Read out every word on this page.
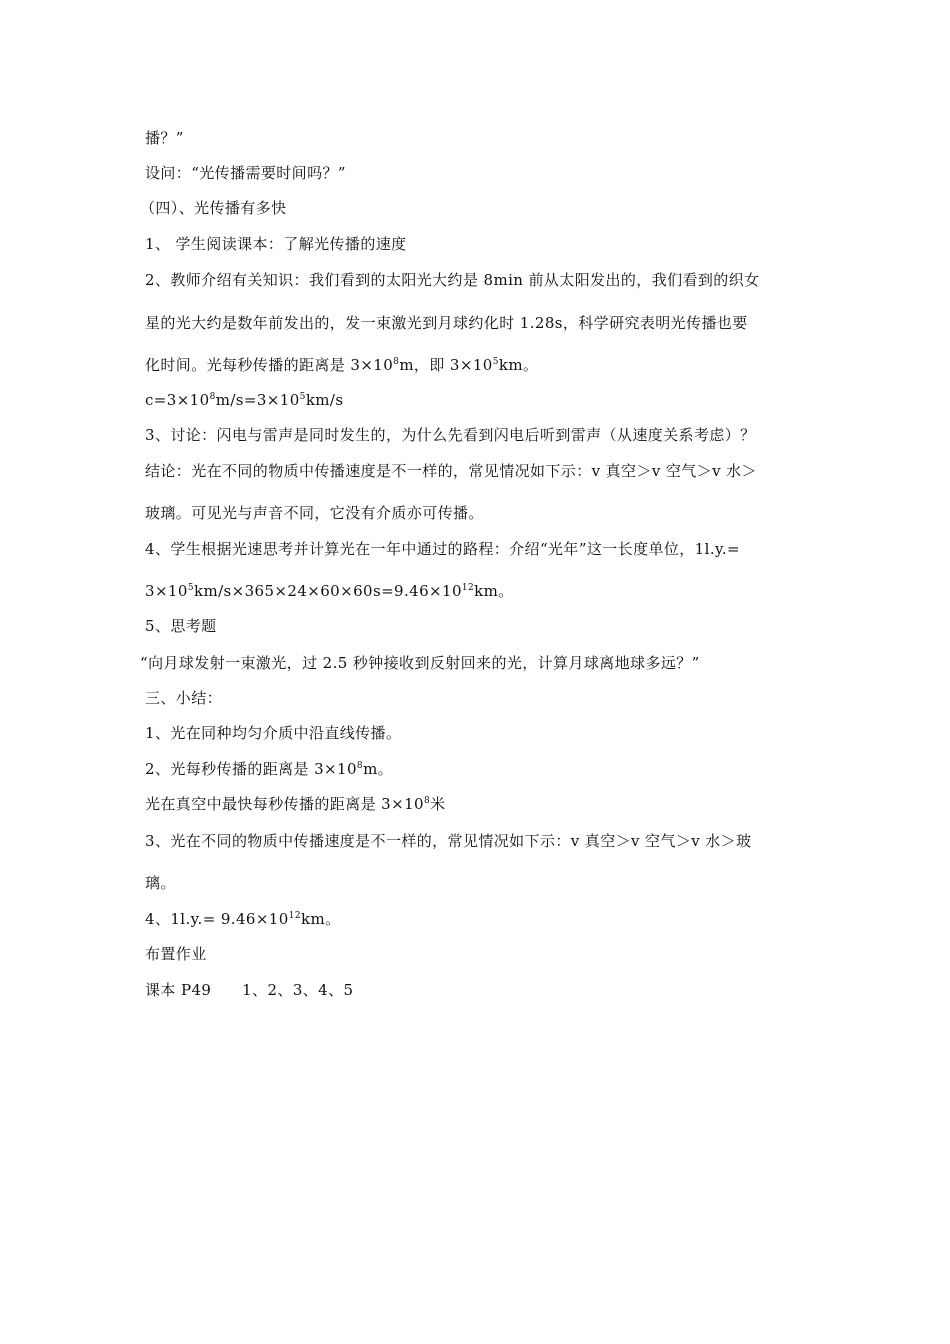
播？”
设问：“光传播需要时间吗？”
（四）、光传播有多快
1、 学生阅读课本：了解光传播的速度
2、教师介绍有关知识：我们看到的太阳光大约是 8min 前从太阳发出的，我们看到的织女
星的光大约是数年前发出的，发一束激光到月球约化时 1.28s，科学研究表明光传播也要
化时间。光每秒传播的距离是 $3\times 10^8m$，即 $3\times 10^5km$。
$c=3\times 10^8m/s=3\times 10^5km/s$
3、讨论：闪电与雷声是同时发生的，为什么先看到闪电后听到雷声（从速度关系考虑）？
结论：光在不同的物质中传播速度是不一样的，常见情况如下示：v 真空＞v 空气＞v 水＞
玻璃。可见光与声音不同，它没有介质亦可传播。
4、学生根据光速思考并计算光在一年中通过的路程：介绍“光年”这一长度单位，1l.y.=
$3\times 10^5km/s\times 365\times 24\times 60\times 60s=9.46\times 10^{12}km$。
5、思考题
“向月球发射一束激光，过 2.5 秒钟接收到反射回来的光，计算月球离地球多远？”
三、小结：
1、光在同种均匀介质中沿直线传播。
2、光每秒传播的距离是 $3\times 10^8m$。
光在真空中最快每秒传播的距离是 $3\times 10^8$米
3、光在不同的物质中传播速度是不一样的，常见情况如下示：v 真空＞v 空气＞v 水＞玻
璃。
4、$1l.y.= 9.46\times 10^{12}km$。
布置作业
课本 P49　　1、2、3、4、5
